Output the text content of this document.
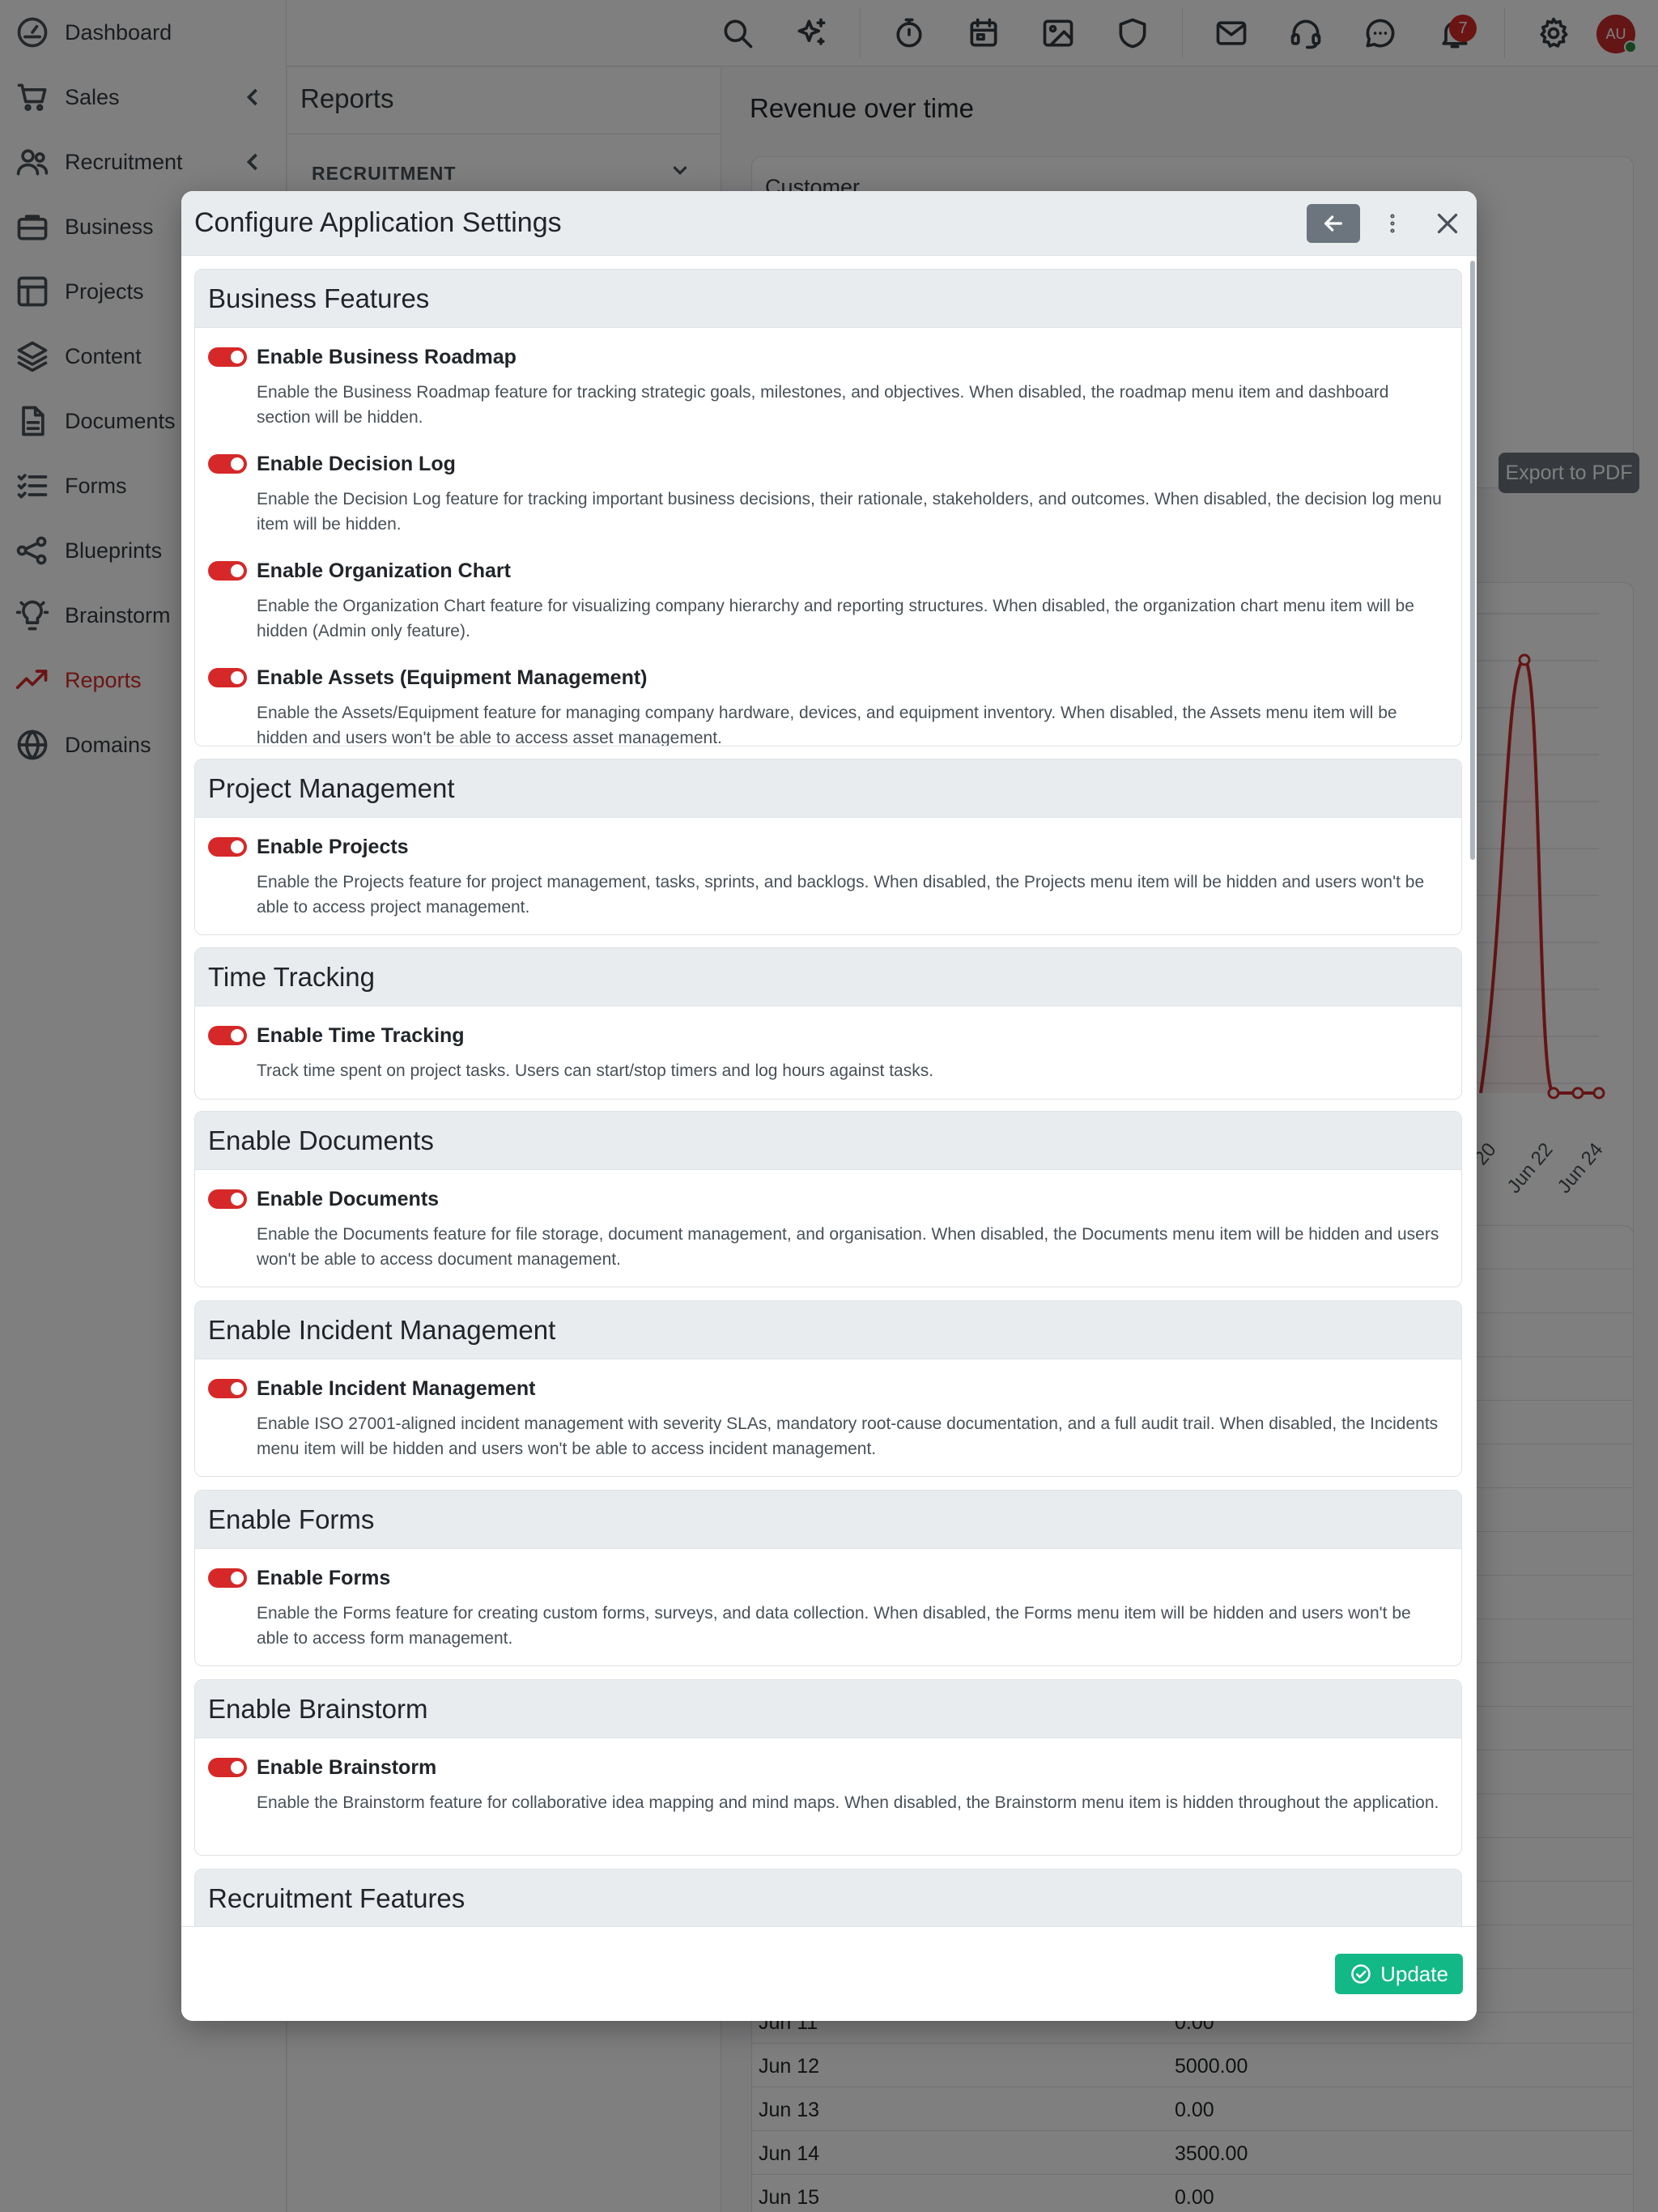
Configure Application Settings
Business Features
Enable Business Roadmap
Enable the Business Roadmap feature for tracking strategic goals, milestones, and objectives. When disabled, the roadmap menu item and dashboard section will be hidden.
Enable Decision Log
Enable the Decision Log feature for tracking important business decisions, their rationale, stakeholders, and outcomes. When disabled, the decision log menu item will be hidden.
Enable Organization Chart
Enable the Organization Chart feature for visualizing company hierarchy and reporting structures. When disabled, the organization chart menu item will be hidden (Admin only feature).
Enable Assets (Equipment Management)
Enable the Assets/Equipment feature for managing company hardware, devices, and equipment inventory. When disabled, the Assets menu item will be hidden and users won't be able to access asset management.
Project Management
Enable Projects
Enable the Projects feature for project management, tasks, sprints, and backlogs. When disabled, the Projects menu item will be hidden and users won't be able to access project management.
Time Tracking
Enable Time Tracking
Track time spent on project tasks. Users can start/stop timers and log hours against tasks.
Enable Documents
Enable Documents
Enable the Documents feature for file storage, document management, and organisation. When disabled, the Documents menu item will be hidden and users won't be able to access document management.
Enable Incident Management
Enable Incident Management
Enable ISO 27001-aligned incident management with severity SLAs, mandatory root-cause documentation, and a full audit trail. When disabled, the Incidents menu item will be hidden and users won't be able to access incident management.
Enable Forms
Enable Forms
Enable the Forms feature for creating custom forms, surveys, and data collection. When disabled, the Forms menu item will be hidden and users won't be able to access form management.
Enable Brainstorm
Enable Brainstorm
Enable the Brainstorm feature for collaborative idea mapping and mind maps. When disabled, the Brainstorm menu item is hidden throughout the application.
Recruitment Features
Update
